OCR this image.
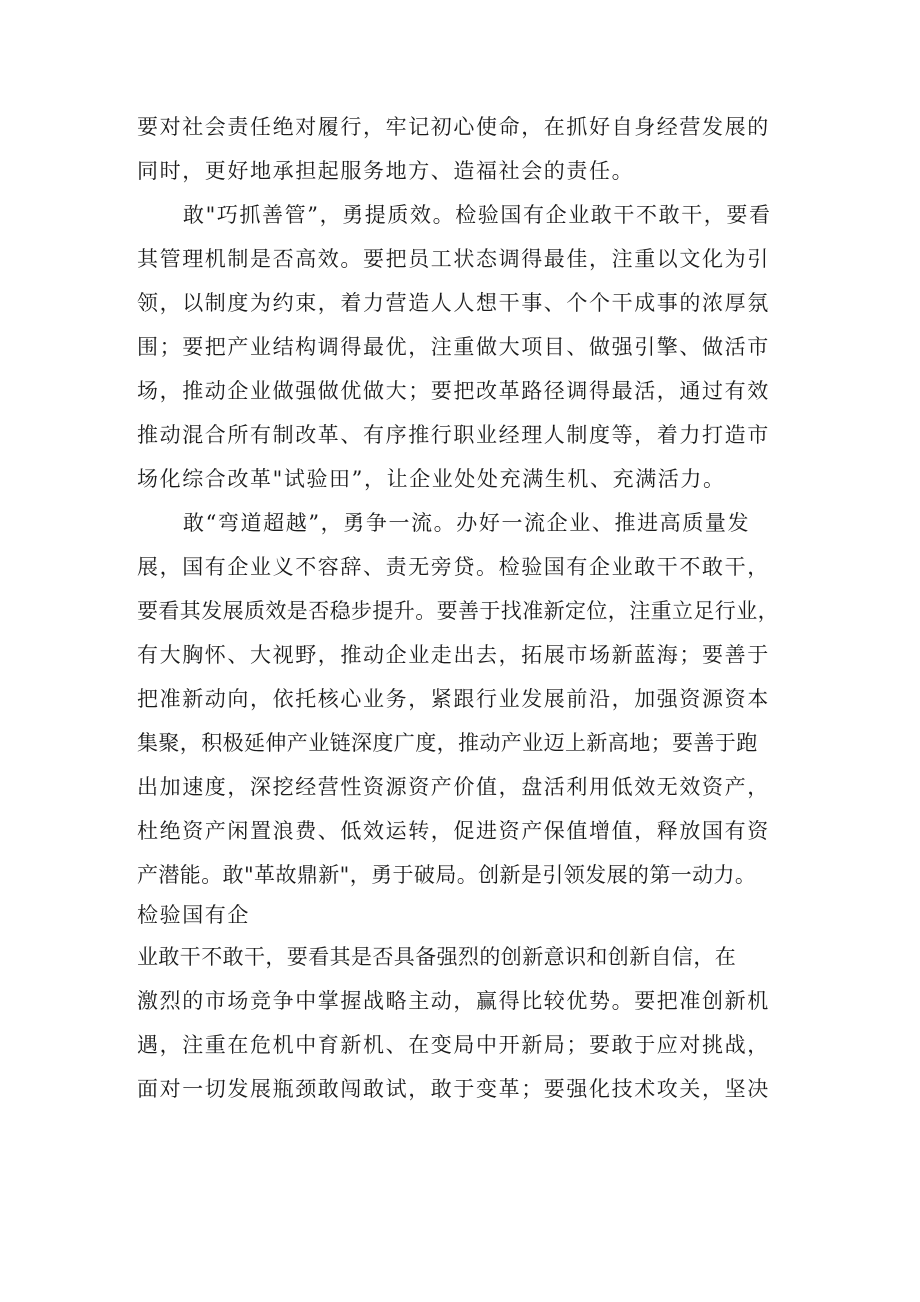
要对社会责任绝对履行，牢记初心使命，在抓好自身经营发展的
同时，更好地承担起服务地方、造福社会的责任。
敢"巧抓善管”，勇提质效。检验国有企业敢干不敢干，要看
其管理机制是否高效。要把员工状态调得最佳，注重以文化为引
领，以制度为约束，着力营造人人想干事、个个干成事的浓厚氛
围；要把产业结构调得最优，注重做大项目、做强引擎、做活市
场，推动企业做强做优做大；要把改革路径调得最活，通过有效
推动混合所有制改革、有序推行职业经理人制度等，着力打造市
场化综合改革"试验田”，让企业处处充满生机、充满活力。
敢“弯道超越”，勇争一流。办好一流企业、推进高质量发
展，国有企业义不容辞、责无旁贷。检验国有企业敢干不敢干，
要看其发展质效是否稳步提升。要善于找准新定位，注重立足行业，
有大胸怀、大视野，推动企业走出去，拓展市场新蓝海；要善于
把准新动向，依托核心业务，紧跟行业发展前沿，加强资源资本
集聚，积极延伸产业链深度广度，推动产业迈上新高地；要善于跑
出加速度，深挖经营性资源资产价值，盘活利用低效无效资产，
杜绝资产闲置浪费、低效运转，促进资产保值增值，释放国有资
产潜能。敢"革故鼎新"，勇于破局。创新是引领发展的第一动力。
检验国有企
业敢干不敢干，要看其是否具备强烈的创新意识和创新自信，在
激烈的市场竞争中掌握战略主动，赢得比较优势。要把准创新机
遇，注重在危机中育新机、在变局中开新局；要敢于应对挑战，
面对一切发展瓶颈敢闯敢试，敢于变革；要强化技术攻关，坚决
